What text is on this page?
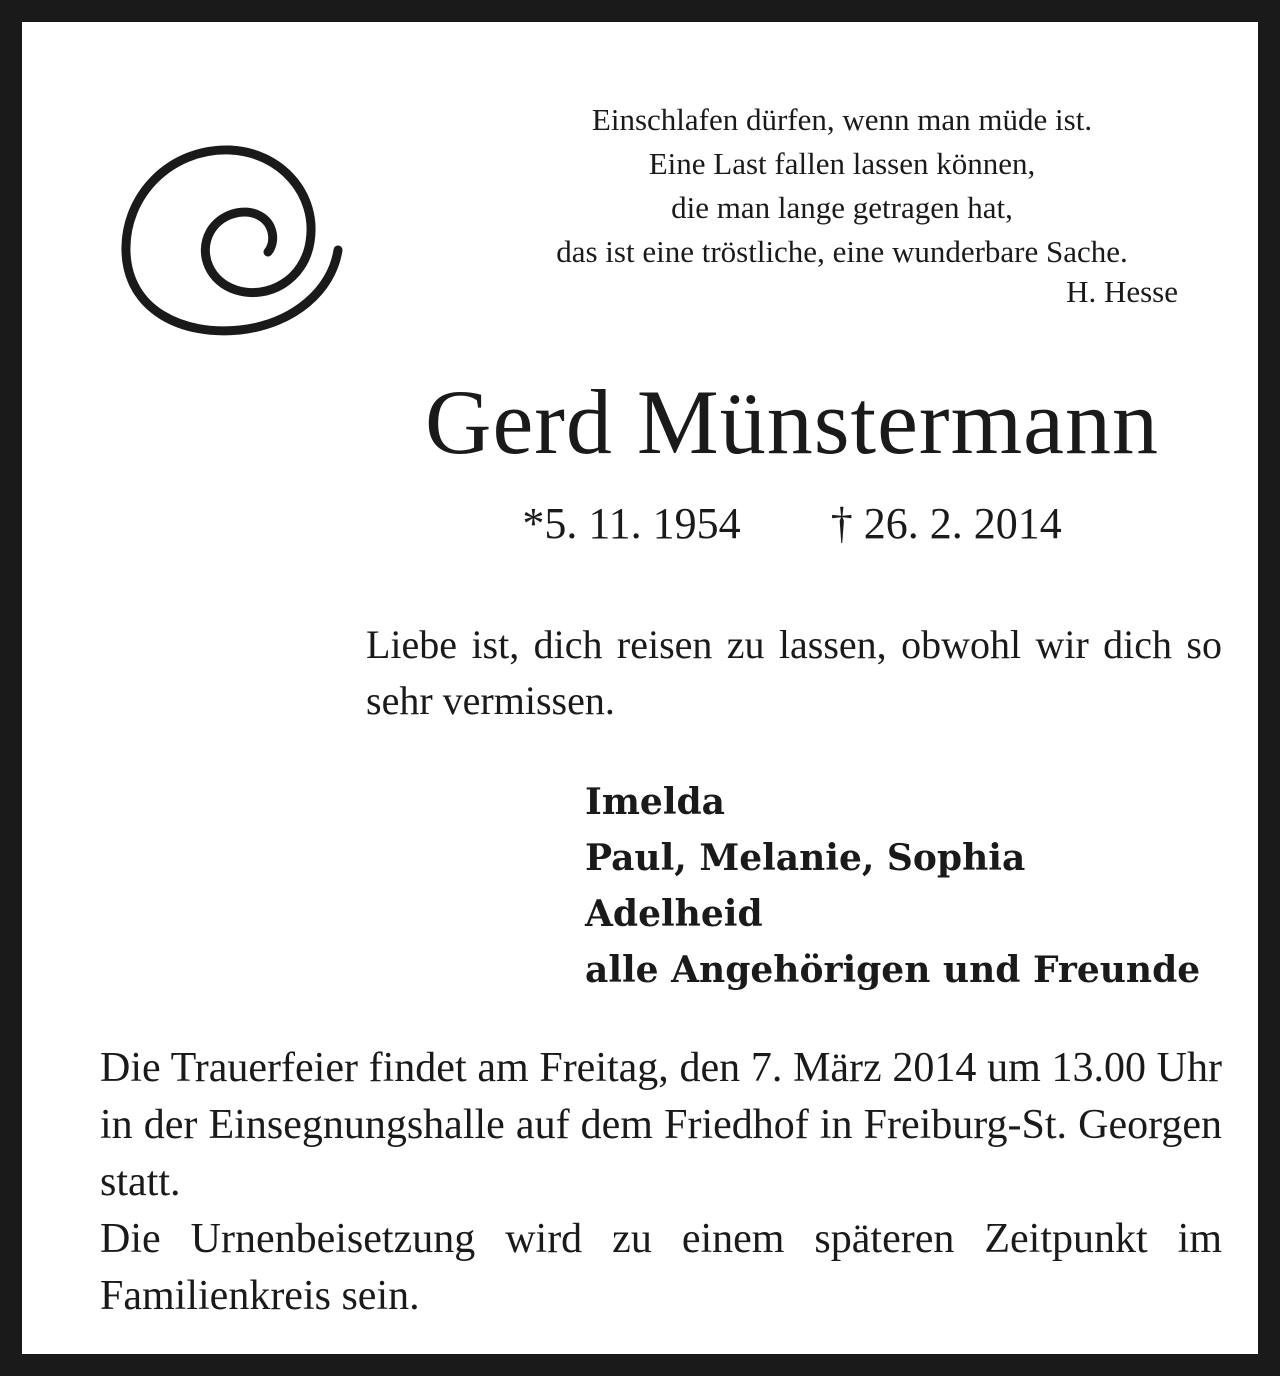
Einschlafen dürfen, wenn man müde ist.
Eine Last fallen lassen können,
die man lange getragen hat,
das ist eine tröstliche, eine wunderbare Sache.
H. Hesse
Gerd Münstermann
*5. 11. 1954 † 26. 2. 2014
Liebe ist, dich reisen zu lassen, obwohl wir dich so sehr vermissen.
Imelda
Paul, Melanie, Sophia
Adelheid
alle Angehörigen und Freunde

Die Trauerfeier findet am Freitag, den 7. März 2014 um 13.00 Uhr in der Einsegnungshalle auf dem Friedhof in Freiburg-St. Georgen statt.

Die Urnenbeisetzung wird zu einem späteren Zeitpunkt im Familienkreis sein.
